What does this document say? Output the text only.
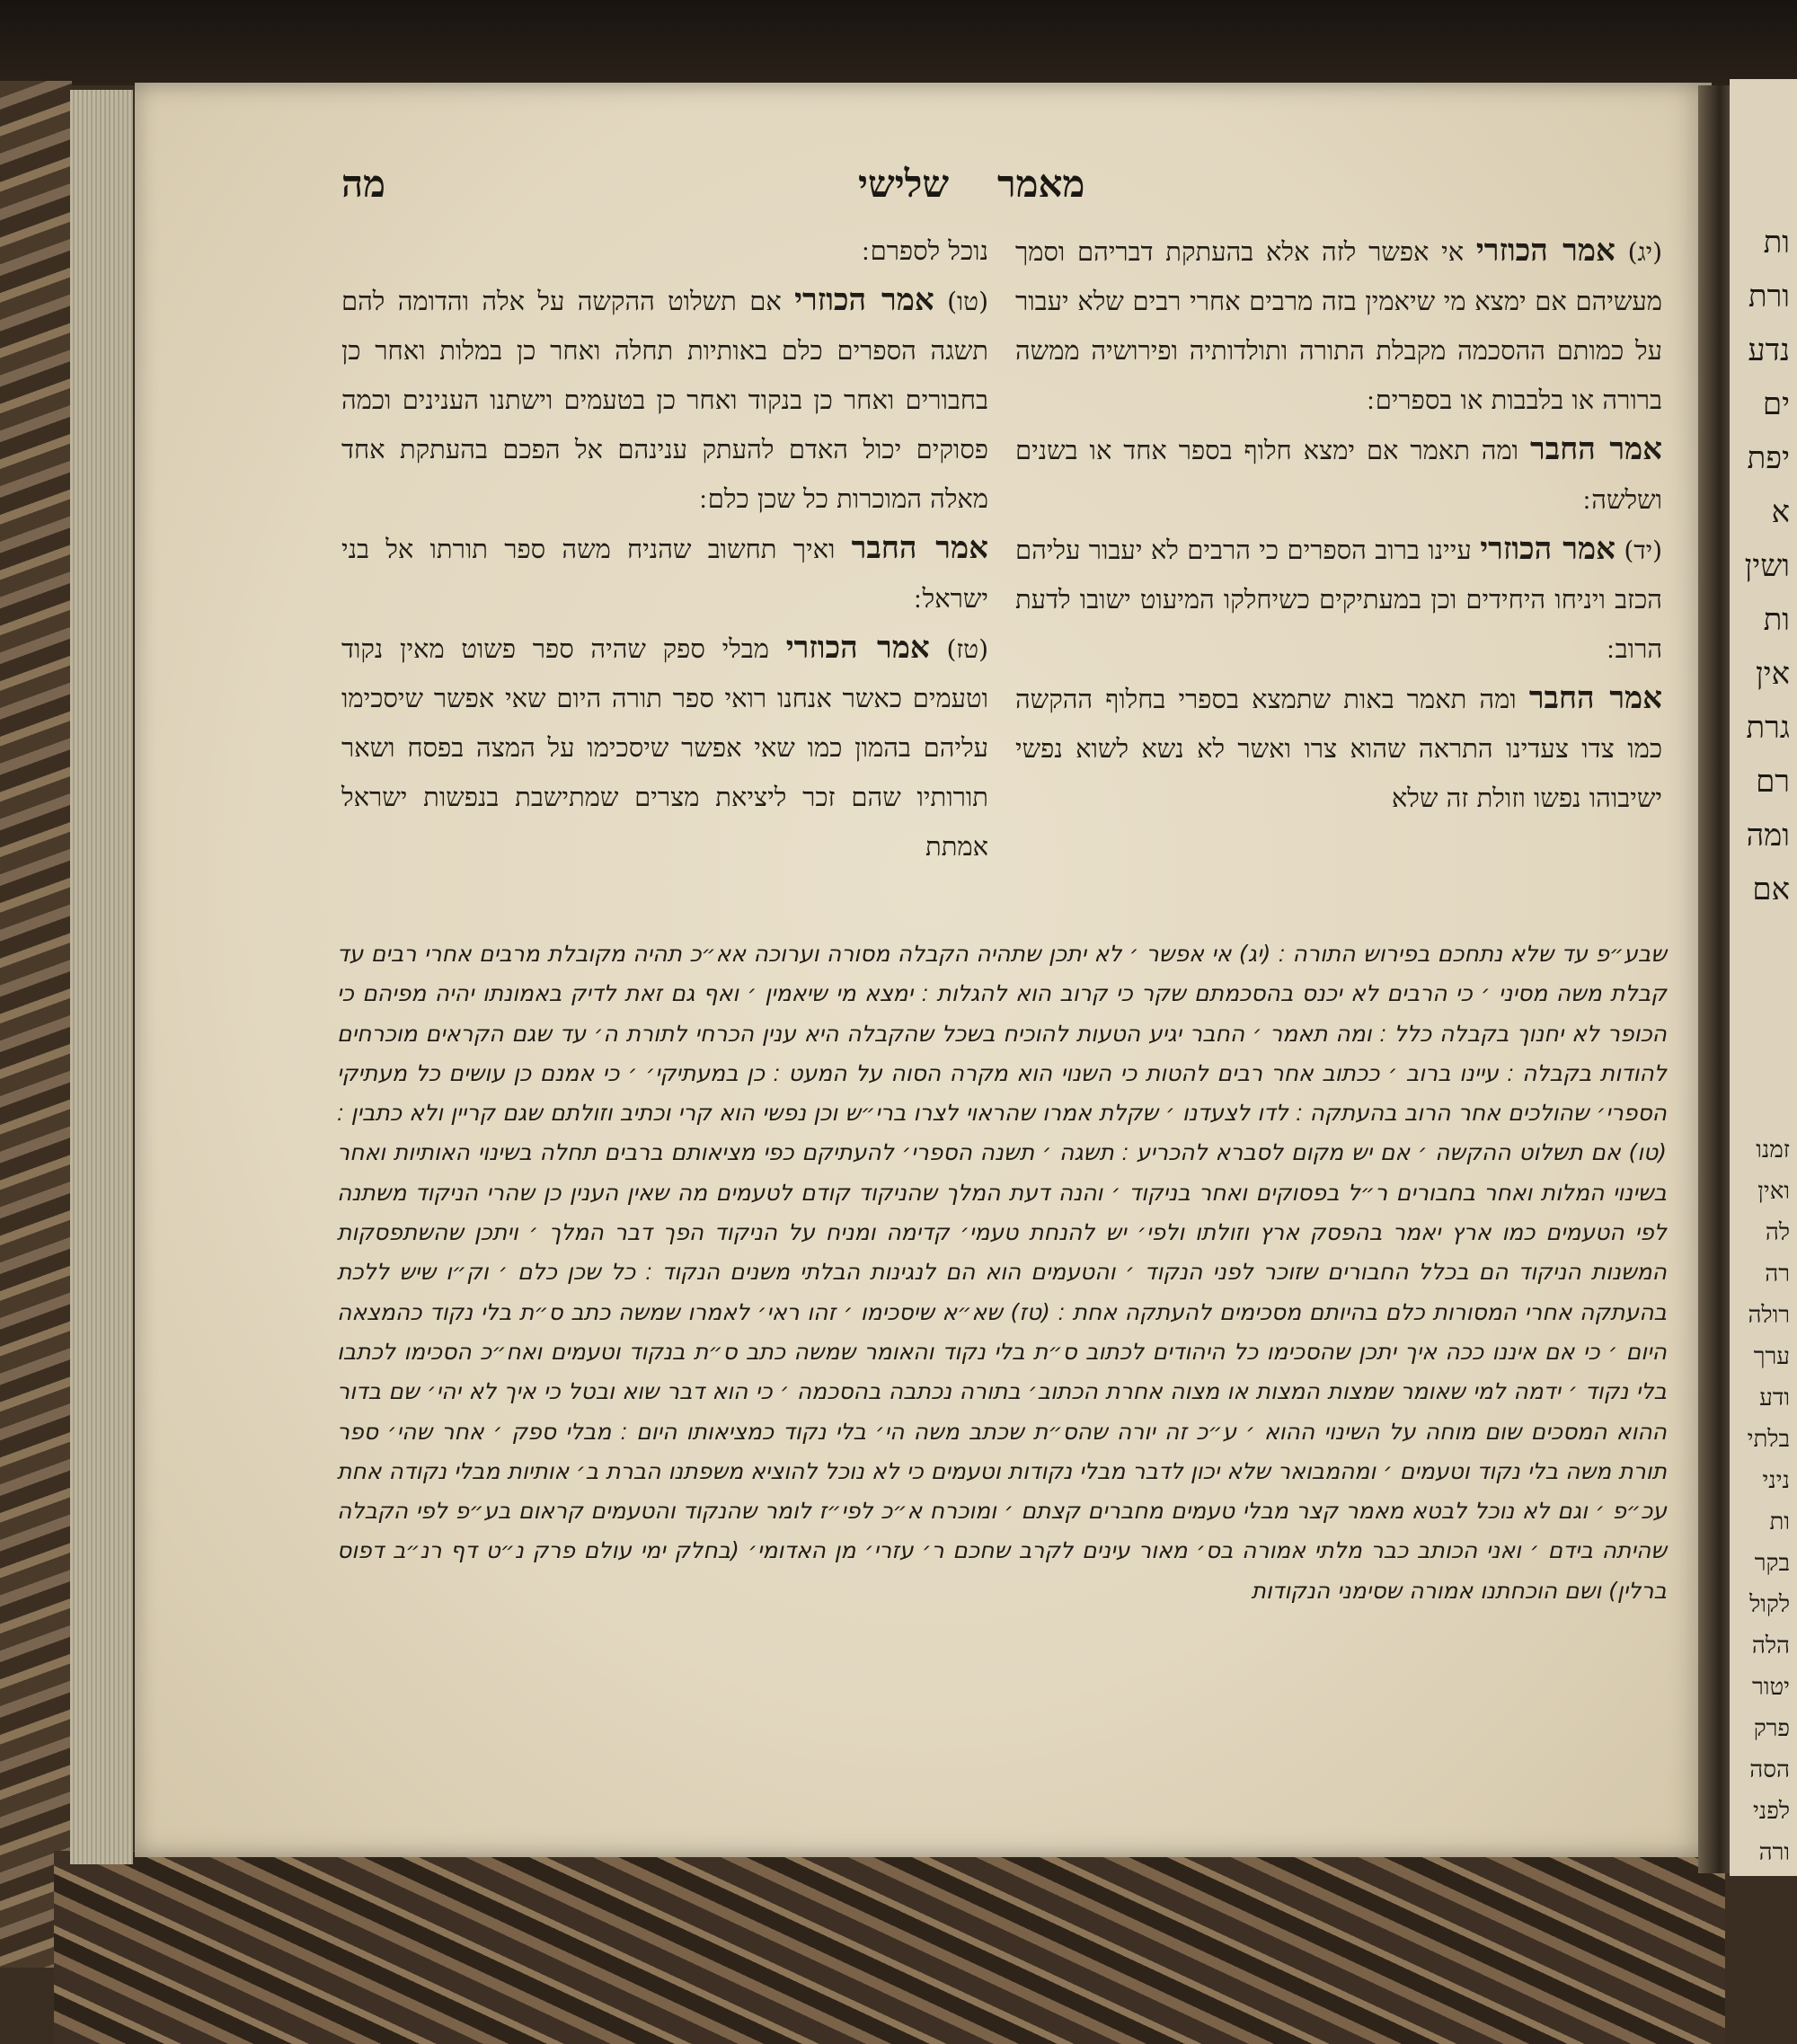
ות
ורת
נדע
ים
יפת
א
ושין
ות
אין
גרת
רם
ומה
אם
זמנו
ואין
לה
רה
רולה
ערך
ודע
בלתי
ניני
ות
בקר
לקול
הלה
יטור
פרק
הסה
לפני
ורה
מאמר
שלישי
מה

(יג) אמר הכוזרי אי אפשר לזה אלא בהעתקת דבריהם וסמך מעשיהם אם ימצא מי שיאמין בזה מרבים אחרי רבים שלא יעבור על כמותם ההסכמה מקבלת התורה ותולדותיה ופירושיה ממשה ברורה או בלבבות או בספרים ׃

אמר החבר ומה תאמר אם ימצא חלוף בספר אחד או בשנים ושלשה ׃

(יד) אמר הכוזרי עיינו ברוב הספרים כי הרבים לא יעבור עליהם הכזב ויניחו היחידים וכן במעתיקים כשיחלקו המיעוט ישובו לדעת הרוב ׃

אמר החבר ומה תאמר באות שתמצא בספרי בחלוף ההקשה כמו צדו צעדינו התראה שהוא צרו ואשר לא נשא לשוא נפשי ישיבוהו נפשו וזולת זה שלא

נוכל לספרם ׃

(טו) אמר הכוזרי אם תשלוט ההקשה על אלה והדומה להם תשגה הספרים כלם באותיות תחלה ואחר כן במלות ואחר כן בחבורים ואחר כן בנקוד ואחר כן בטעמים וישתנו הענינים וכמה פסוקים יכול האדם להעתק ענינהם אל הפכם בהעתקת אחד מאלה המוכרות כל שכן כלם ׃

אמר החבר ואיך תחשוב שהניח משה ספר תורתו אל בני ישראל ׃

(טז) אמר הכוזרי מבלי ספק שהיה ספר פשוט מאין נקוד וטעמים כאשר אנחנו רואי ספר תורה היום שאי אפשר שיסכימו עליהם בהמון כמו שאי אפשר שיסכימו על המצה בפסח ושאר תורותיו שהם זכר ליציאת מצרים שמתישבת בנפשות ישראל אמתת

שבע״פ עד שלא נתחכם בפירוש התורה ׃ (יג) אי אפשר ׳ לא יתכן שתהיה הקבלה מסורה וערוכה אא״כ תהיה מקובלת מרבים אחרי רבים עד קבלת משה מסיני ׳ כי הרבים לא יכנס בהסכמתם שקר כי קרוב הוא להגלות ׃ ימצא מי שיאמין ׳ ואף גם זאת לדיק באמונתו יהיה מפיהם כי הכופר לא יחנוך בקבלה כלל ׃ ומה תאמר ׳ החבר יגיע הטעות להוכיח בשכל שהקבלה היא ענין הכרחי לתורת ה׳ עד שגם הקראים מוכרחים להודות בקבלה ׃ עיינו ברוב ׳ ככתוב אחר רבים להטות כי השנוי הוא מקרה הסוה על המעט ׃ כן במעתיקי׳ ׳ כי אמנם כן עושים כל מעתיקי הספרי׳ שהולכים אחר הרוב בהעתקה ׃ לדו לצעדנו ׳ שקלת אמרו שהראוי לצרו ברי״ש וכן נפשי הוא קרי וכתיב וזולתם שגם קריין ולא כתבין ׃ (טו) אם תשלוט ההקשה ׳ אם יש מקום לסברא להכריע ׃ תשגה ׳ תשנה הספרי׳ להעתיקם כפי מציאותם ברבים תחלה בשינוי האותיות ואחר בשינוי המלות ואחר בחבורים ר״ל בפסוקים ואחר בניקוד ׳ והנה דעת המלך שהניקוד קודם לטעמים מה שאין הענין כן שהרי הניקוד משתנה לפי הטעמים כמו ארץ יאמר בהפסק ארץ וזולתו ולפי׳ יש להנחת טעמי׳ קדימה ומניח על הניקוד הפך דבר המלך ׳ ויתכן שהשתפסקות המשנות הניקוד הם בכלל החבורים שזוכר לפני הנקוד ׳ והטעמים הוא הם לנגינות הבלתי משנים הנקוד ׃ כל שכן כלם ׳ וק״ו שיש ללכת בהעתקה אחרי המסורות כלם בהיותם מסכימים להעתקה אחת ׃ (טז) שא״א שיסכימו ׳ זהו ראי׳ לאמרו שמשה כתב ס״ת בלי נקוד כהמצאה היום ׳ כי אם איננו ככה איך יתכן שהסכימו כל היהודים לכתוב ס״ת בלי נקוד והאומר שמשה כתב ס״ת בנקוד וטעמים ואח״כ הסכימו לכתבו בלי נקוד ׳ ידמה למי שאומר שמצות המצות או מצוה אחרת הכתוב׳ בתורה נכתבה בהסכמה ׳ כי הוא דבר שוא ובטל כי איך לא יהי׳ שם בדור ההוא המסכים שום מוחה על השינוי ההוא ׳ ע״כ זה יורה שהס״ת שכתב משה הי׳ בלי נקוד כמציאותו היום ׃ מבלי ספק ׳ אחר שהי׳ ספר תורת משה בלי נקוד וטעמים ׳ ומהמבואר שלא יכון לדבר מבלי נקודות וטעמים כי לא נוכל להוציא משפתנו הברת ב׳ אותיות מבלי נקודה אחת עכ״פ ׳ וגם לא נוכל לבטא מאמר קצר מבלי טעמים מחברים קצתם ׳ ומוכרח א״כ לפי״ז לומר שהנקוד והטעמים קראום בע״פ לפי הקבלה שהיתה בידם ׳ ואני הכותב כבר מלתי אמורה בס׳ מאור עינים לקרב שחכם ר׳ עזרי׳ מן האדומי׳ (בחלק ימי עולם פרק נ״ט דף רנ״ב דפוס ברלין) ושם הוכחתנו אמורה שסימני הנקודות
